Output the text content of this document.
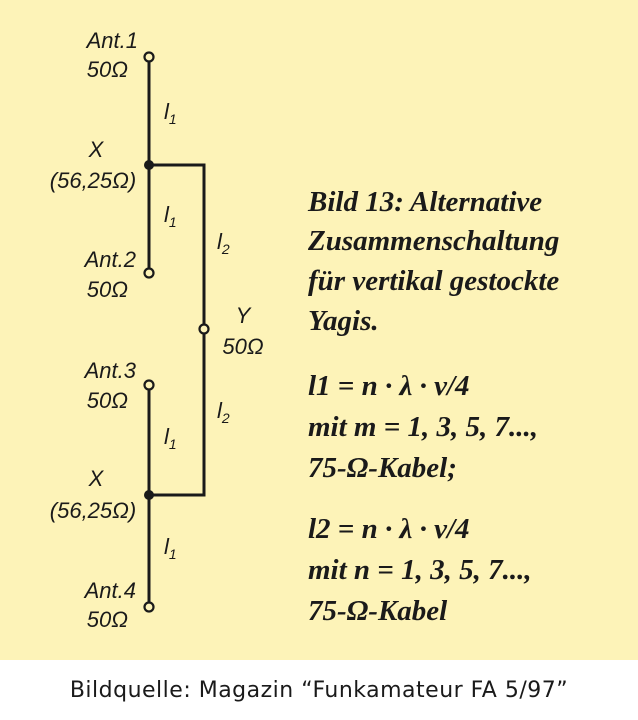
Ant.1
50Ω
Ant.2
50Ω
Ant.3
50Ω
Ant.4
50Ω
X
(56,25Ω)
X
(56,25Ω)
Y
50Ω
$l_1$
$l_1$
$l_1$
$l_1$
$l_2$
$l_2$
Bild 13: Alternative
Zusammenschaltung
für vertikal gestockte
Yagis.
l1 = n · λ · v/4
mit m = 1, 3, 5, 7...,
75-Ω-Kabel;
l2 = n · λ · v/4
mit n = 1, 3, 5, 7...,
75-Ω-Kabel
Bildquelle: Magazin “Funkamateur FA 5/97”
